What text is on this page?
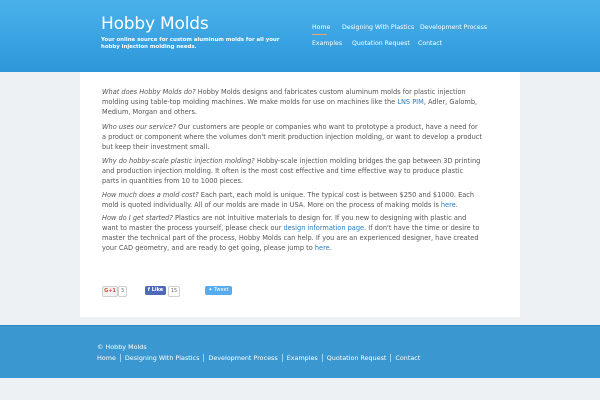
Hobby Molds
Your online source for custom aluminum molds for all your hobby injection molding needs.
Home Designing With Plastics Development Process
Examples Quotation Request Contact

What does Hobby Molds do? Hobby Molds designs and fabricates custom aluminum molds for plastic injection molding using table-top molding machines. We make molds for use on machines like the LNS PIM, Adler, Galomb, Medium, Morgan and others.

Who uses our service? Our customers are people or companies who want to prototype a product, have a need for a product or component where the volumes don't merit production injection molding, or want to develop a product but keep their investment small.

Why do hobby-scale plastic injection molding? Hobby-scale injection molding bridges the gap between 3D printing and production injection molding. It often is the most cost effective and time effective way to produce plastic parts in quantities from 10 to 1000 pieces.

How much does a mold cost? Each part, each mold is unique. The typical cost is between $250 and $1000. Each mold is quoted individually. All of our molds are made in USA. More on the process of making molds is here.

How do I get started? Plastics are not intuitive materials to design for. If you new to designing with plastic and want to master the process yourself, please check our design information page. If don't have the time or desire to master the technical part of the process, Hobby Molds can help. If you are an experienced designer, have created your CAD geometry, and are ready to get going, please jump to here.

G+1	3	f Like	15	✦ Tweet
© Hobby Molds
Home	Designing With Plastics	Development Process	Examples	Quotation Request	Contact
